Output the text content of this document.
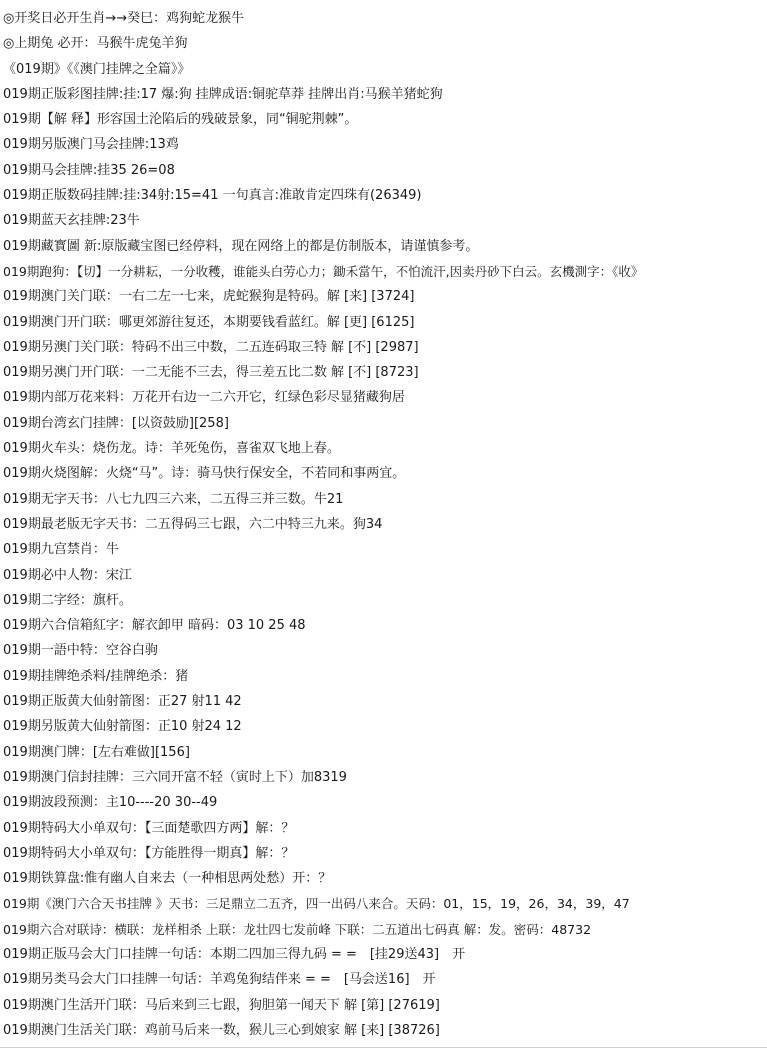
◎开奖日必开生肖→→癸巳：鸡狗蛇龙猴牛
◎上期兔 必开：马猴牛虎兔羊狗
《019期》《《澳门挂牌之全篇》》
019期正版彩图挂牌:挂:17 爆:狗 挂牌成语:铜驼草莽 挂牌出肖:马猴羊猪蛇狗
019期【解 释】形容国土沦陷后的残破景象，同“铜驼荆棘”。
019期另版澳门马会挂牌:13鸡
019期马会挂牌:挂35 26=08
019期正版数码挂牌:挂:34射:15=41 一句真言:准敢肯定四珠有(26349)
019期蓝天玄挂牌:23牛
019期藏寳圖 新:原版藏宝图已经停料，现在网络上的都是仿制版本，请谨慎参考。
019期跑狗：【切】一分耕耘，一分收穫，谁能头白劳心力；鋤禾當午，不怕流汗,因卖丹砂下白云。玄機測字：《收》
019期澳门关门联：一右二左一七来，虎蛇猴狗是特码。解 [来] [3724]
019期澳门开门联：哪更郊游往复还，本期要钱看蓝红。解 [更] [6125]
019期另澳门关门联：特码不出三中数，二五连码取三特 解 [不] [2987]
019期另澳门开门联：一二无能不三去，得三差五比二数 解 [不] [8723]
019期内部万花来料：万花开右边一二六开它，红绿色彩尽显猪藏狗居
019期台湾玄门挂牌：[以资鼓励][258]
019期火车头：烧伤龙。诗：羊死兔伤，喜雀双飞地上春。
019期火烧图解：火烧“马”。诗：骑马快行保安全，不若同和事两宜。
019期无字天书：八七九四三六来，二五得三并三数。牛21
019期最老版无字天书：二五得码三七跟，六二中特三九来。狗34
019期九宫禁肖：牛
019期必中人物：宋江
019期二字经：旗杆。
019期六合信箱紅字：解衣卸甲 暗码：03 10 25 48
019期一語中特：空谷白驹
019期挂牌绝杀料/挂牌绝杀：猪
019期正版黄大仙射箭图：正27 射11 42
019期另版黄大仙射箭图：正10 射24 12
019期澳门牌：[左右难做][156]
019期澳门信封挂牌：三六同开富不轻（寅时上下）加8319
019期波段预测：主10----20 30--49
019期特码大小单双句：【三面楚歌四方两】解：？
019期特码大小单双句：【方能胜得一期真】解：？
019期铁算盘:惟有幽人自来去（一种相思两处愁）开：？
019期《澳门六合天书挂牌 》天书：三足鼎立二五齐，四一出码八来合。天码：01，15，19，26，34，39，47
019期六合对联诗：横联：龙样相杀 上联：龙壮四七发前峰 下联：二五道出七码真 解：发。密码：48732
019期正版马会大门口挂牌一句话：本期二四加三得九码 = =　[挂29送43]　开
019期另类马会大门口挂牌一句话：羊鸡兔狗结伴来 = =　[马会送16]　开
019期澳门生活开门联：马后来到三七跟，狗胆第一闻天下 解 [第] [27619]
019期澳门生活关门联：鸡前马后来一数，猴儿三心到娘家 解 [来] [38726]
